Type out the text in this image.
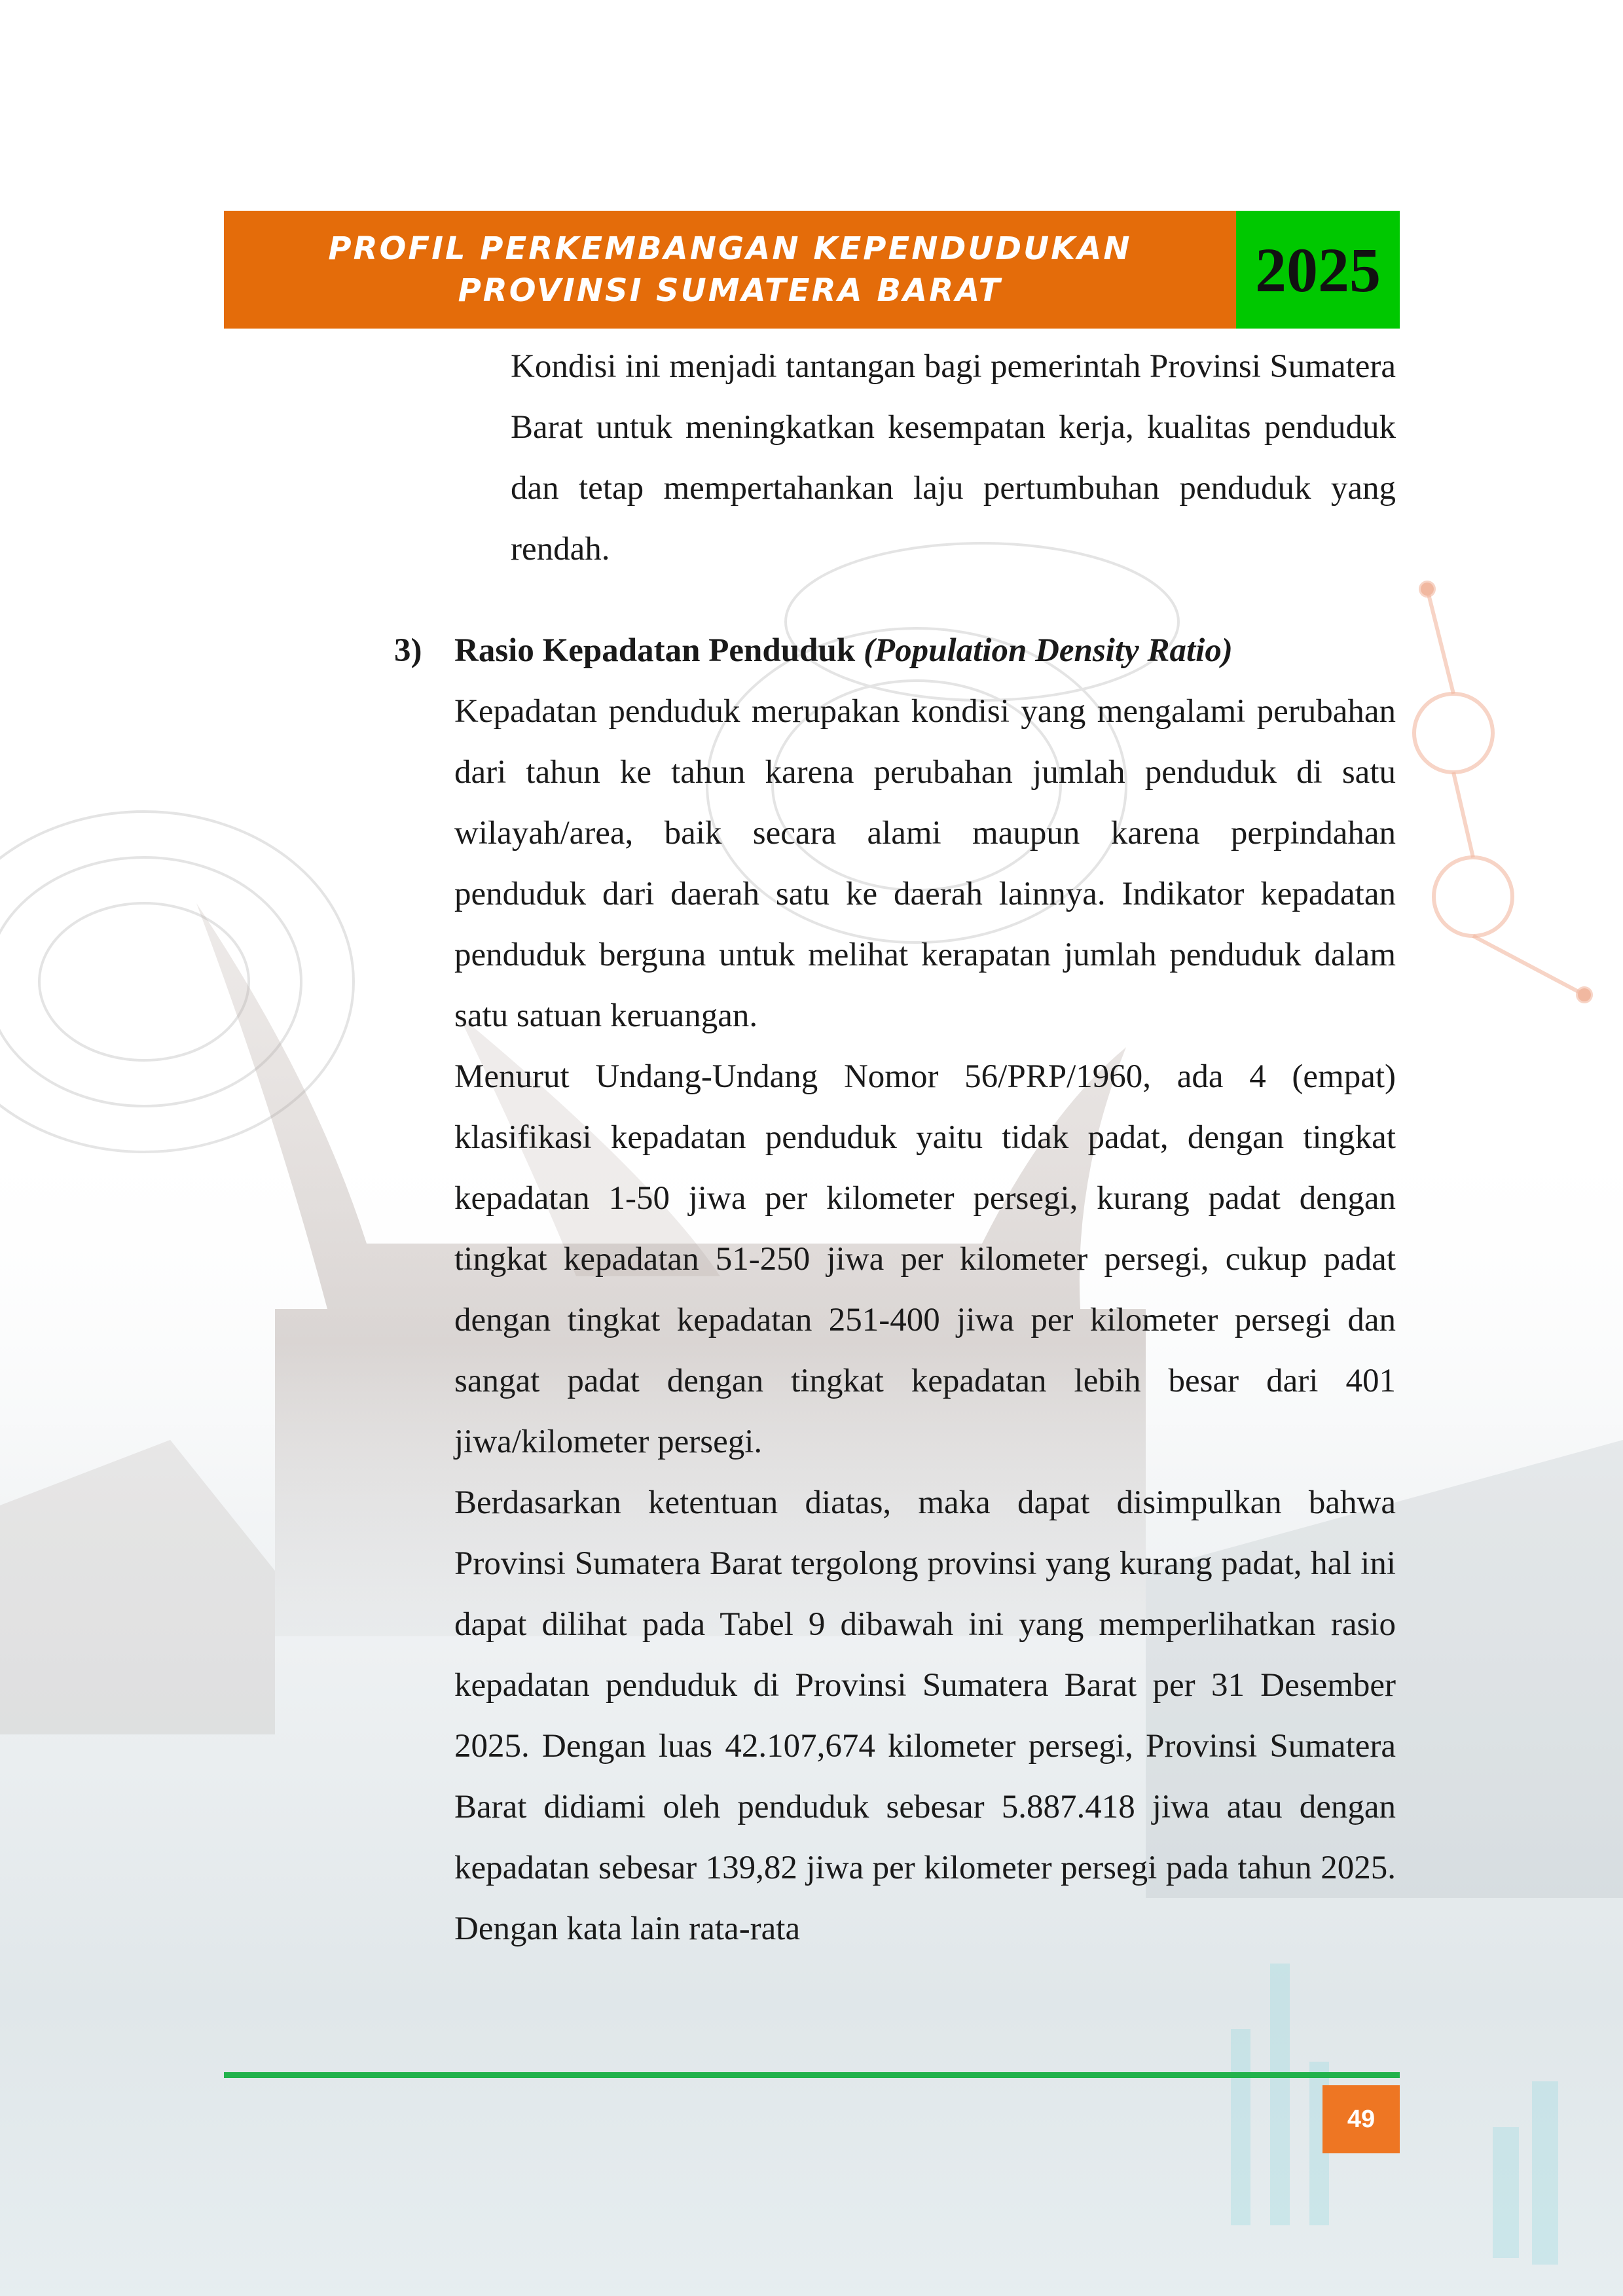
PROFIL PERKEMBANGAN KEPENDUDUKAN
PROVINSI SUMATERA BARAT	2025

Kondisi ini menjadi tantangan bagi pemerintah Provinsi Sumatera Barat untuk meningkatkan kesempatan kerja, kualitas penduduk dan tetap mempertahankan laju pertumbuhan penduduk yang rendah.

3) Rasio Kepadatan Penduduk (Population Density Ratio)

Kepadatan penduduk merupakan kondisi yang mengalami perubahan dari tahun ke tahun karena perubahan jumlah penduduk di satu wilayah/area, baik secara alami maupun karena perpindahan penduduk dari daerah satu ke daerah lainnya. Indikator kepadatan penduduk berguna untuk melihat kerapatan jumlah penduduk dalam satu satuan keruangan.

Menurut Undang-Undang Nomor 56/PRP/1960, ada 4 (empat) klasifikasi kepadatan penduduk yaitu tidak padat, dengan tingkat kepadatan 1-50 jiwa per kilometer persegi, kurang padat dengan tingkat kepadatan 51-250 jiwa per kilometer persegi, cukup padat dengan tingkat kepadatan 251-400 jiwa per kilometer persegi dan sangat padat dengan tingkat kepadatan lebih besar dari 401 jiwa/kilometer persegi.

Berdasarkan ketentuan diatas, maka dapat disimpulkan bahwa Provinsi Sumatera Barat tergolong provinsi yang kurang padat, hal ini dapat dilihat pada Tabel 9 dibawah ini yang memperlihatkan rasio kepadatan penduduk di Provinsi Sumatera Barat per 31 Desember 2025. Dengan luas 42.107,674 kilometer persegi, Provinsi Sumatera Barat didiami oleh penduduk sebesar 5.887.418 jiwa atau dengan kepadatan sebesar 139,82 jiwa per kilometer persegi pada tahun 2025. Dengan kata lain rata-rata

49
